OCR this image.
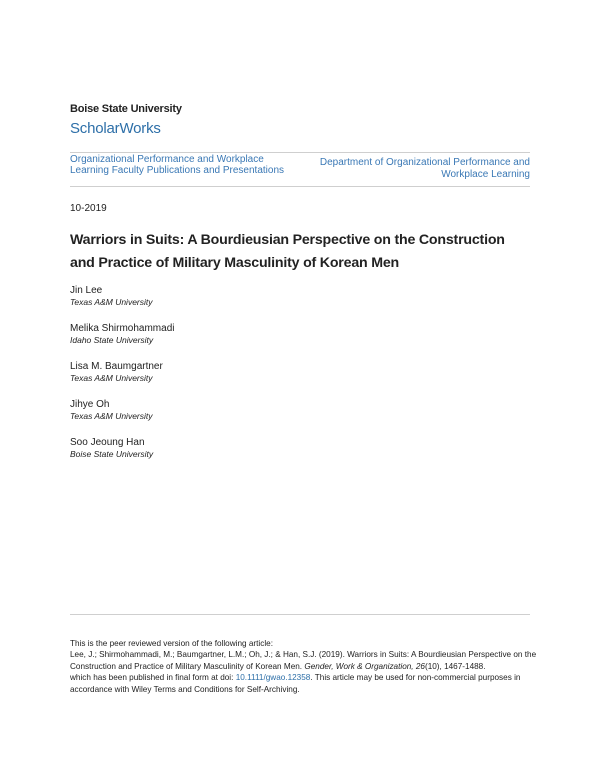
Boise State University
ScholarWorks
Organizational Performance and Workplace Learning Faculty Publications and Presentations
Department of Organizational Performance and Workplace Learning
10-2019
Warriors in Suits: A Bourdieusian Perspective on the Construction
and Practice of Military Masculinity of Korean Men
Jin Lee
Texas A&M University
Melika Shirmohammadi
Idaho State University
Lisa M. Baumgartner
Texas A&M University
Jihye Oh
Texas A&M University
Soo Jeoung Han
Boise State University

This is the peer reviewed version of the following article:

Lee, J.; Shirmohammadi, M.; Baumgartner, L.M.; Oh, J.; & Han, S.J. (2019). Warriors in Suits: A Bourdieusian Perspective on the Construction and Practice of Military Masculinity of Korean Men. Gender, Work & Organization, 26(10), 1467-1488.

which has been published in final form at doi: 10.1111/gwao.12358. This article may be used for non-commercial purposes in accordance with Wiley Terms and Conditions for Self-Archiving.
